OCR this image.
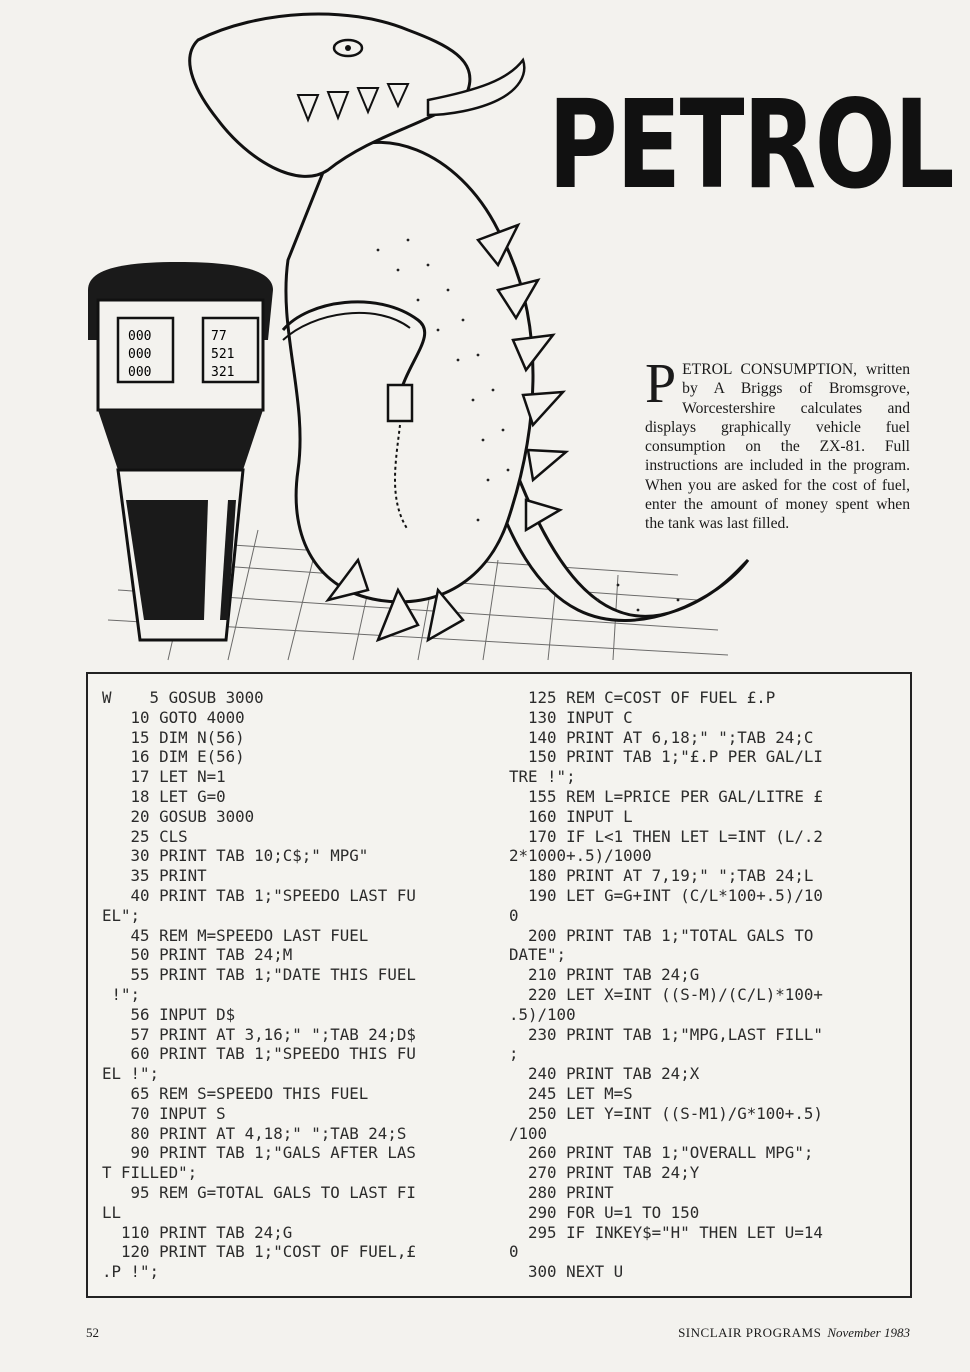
000
000
000
77
521
321
PETROL
PETROL CONSUMPTION, written by A Briggs of Bromsgrove, Worcestershire calculates and displays graphically vehicle fuel consumption on the ZX-81. Full instructions are included in the program. When you are asked for the cost of fuel, enter the amount of money spent when the tank was last filled.
W    5 GOSUB 3000
10 GOTO 4000
15 DIM N(56)
16 DIM E(56)
17 LET N=1
18 LET G=0
20 GOSUB 3000
25 CLS
30 PRINT TAB 10;C$;" MPG"
35 PRINT
40 PRINT TAB 1;"SPEEDO LAST FU
EL";
45 REM M=SPEEDO LAST FUEL
50 PRINT TAB 24;M
55 PRINT TAB 1;"DATE THIS FUEL
!";
56 INPUT D$
57 PRINT AT 3,16;" ";TAB 24;D$
60 PRINT TAB 1;"SPEEDO THIS FU
EL !";
65 REM S=SPEEDO THIS FUEL
70 INPUT S
80 PRINT AT 4,18;" ";TAB 24;S
90 PRINT TAB 1;"GALS AFTER LAS
T FILLED";
95 REM G=TOTAL GALS TO LAST FI
LL
110 PRINT TAB 24;G
120 PRINT TAB 1;"COST OF FUEL,£
.P !";
125 REM C=COST OF FUEL £.P
130 INPUT C
140 PRINT AT 6,18;" ";TAB 24;C
150 PRINT TAB 1;"£.P PER GAL/LI
TRE !";
155 REM L=PRICE PER GAL/LITRE £
160 INPUT L
170 IF L<1 THEN LET L=INT (L/.2
2*1000+.5)/1000
180 PRINT AT 7,19;" ";TAB 24;L
190 LET G=G+INT (C/L*100+.5)/10
0
200 PRINT TAB 1;"TOTAL GALS TO
DATE";
210 PRINT TAB 24;G
220 LET X=INT ((S-M)/(C/L)*100+
.5)/100
230 PRINT TAB 1;"MPG,LAST FILL"
;
240 PRINT TAB 24;X
245 LET M=S
250 LET Y=INT ((S-M1)/G*100+.5)
/100
260 PRINT TAB 1;"OVERALL MPG";
270 PRINT TAB 24;Y
280 PRINT
290 FOR U=1 TO 150
295 IF INKEY$="H" THEN LET U=14
0
300 NEXT U
52	SINCLAIR PROGRAMS November 1983
